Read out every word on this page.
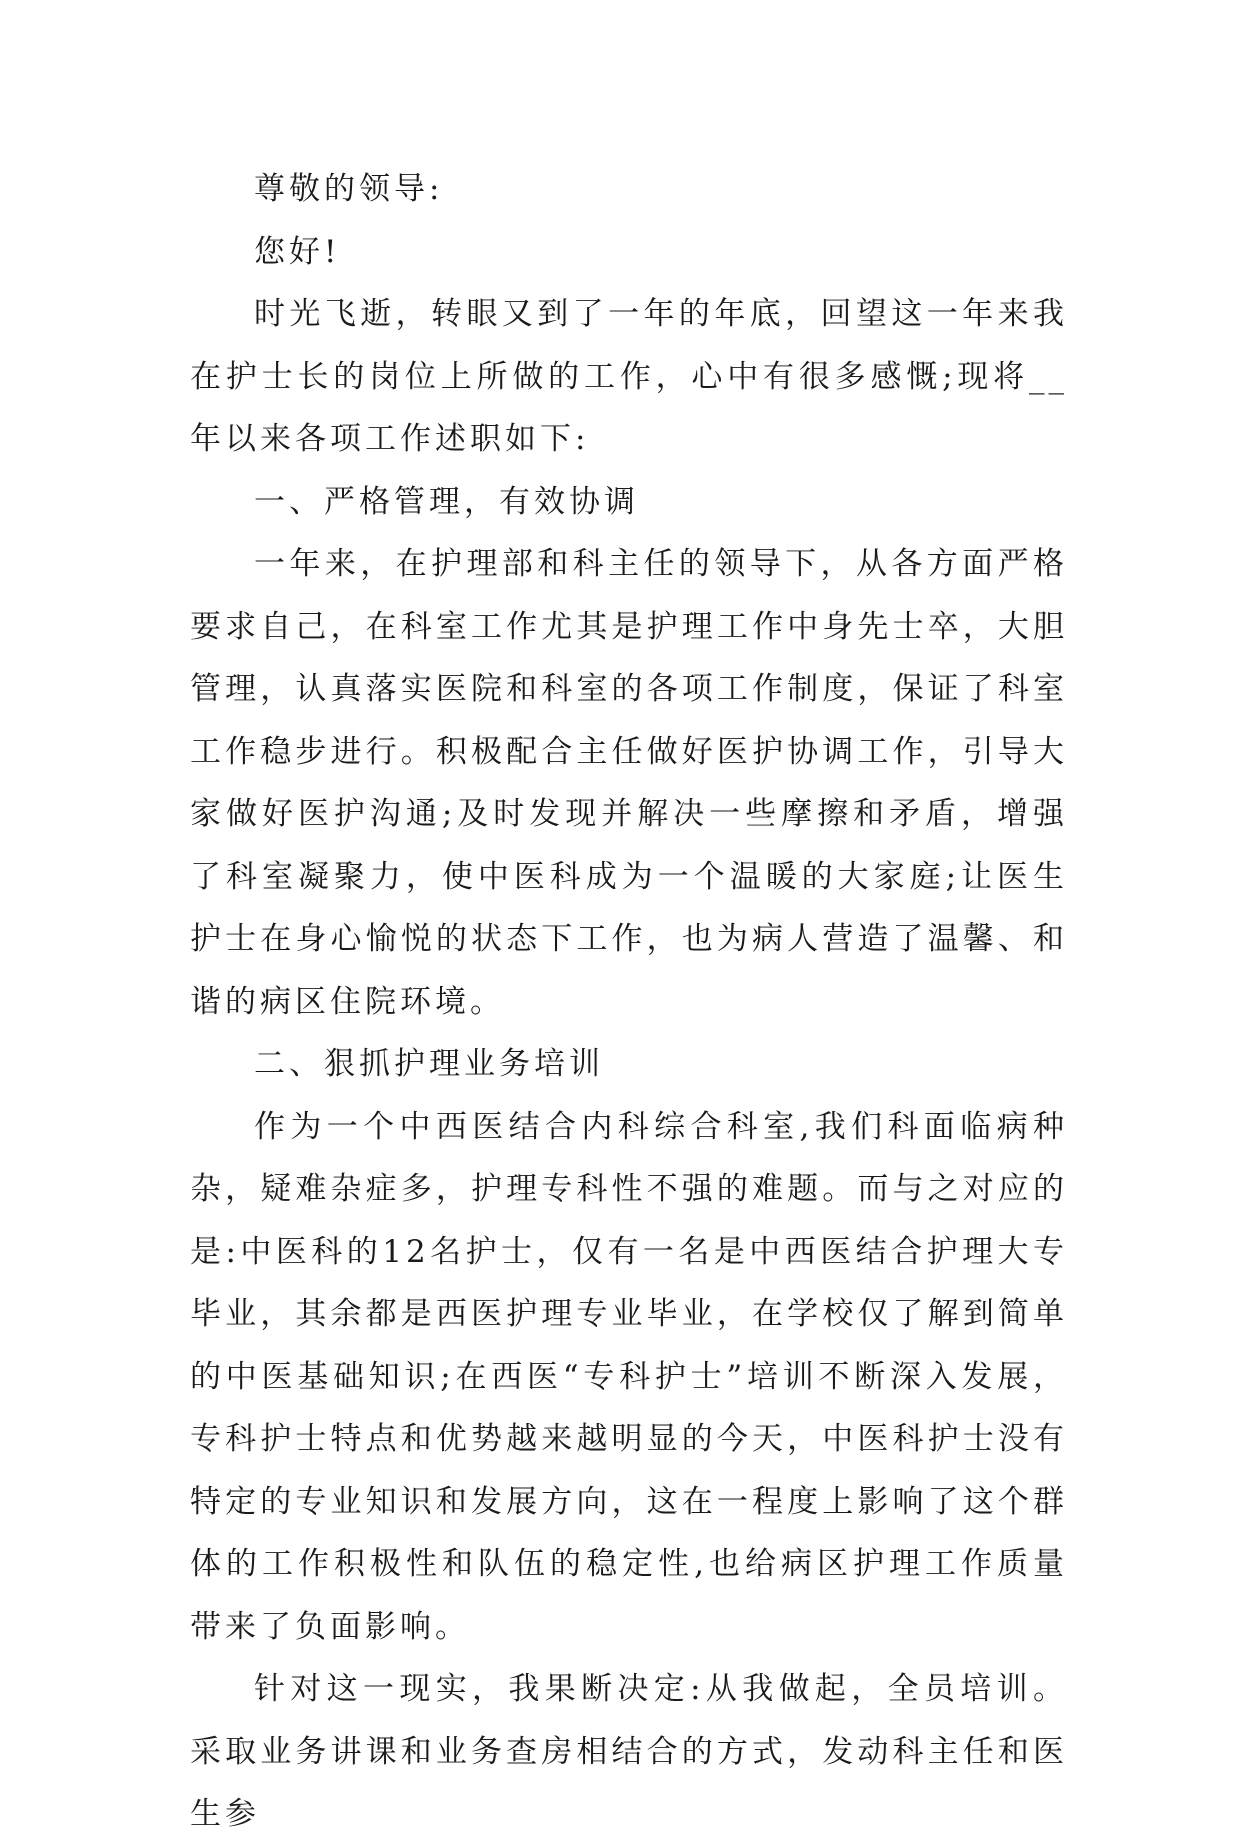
尊敬的领导:

您好!

时光飞逝，转眼又到了一年的年底，回望这一年来我在护士长的岗位上所做的工作，心中有很多感慨;现将__年以来各项工作述职如下:

一、严格管理，有效协调

一年来，在护理部和科主任的领导下，从各方面严格要求自己，在科室工作尤其是护理工作中身先士卒，大胆管理，认真落实医院和科室的各项工作制度，保证了科室工作稳步进行。积极配合主任做好医护协调工作，引导大家做好医护沟通;及时发现并解决一些摩擦和矛盾，增强了科室凝聚力，使中医科成为一个温暖的大家庭;让医生护士在身心愉悦的状态下工作，也为病人营造了温馨、和谐的病区住院环境。

二、狠抓护理业务培训

作为一个中西医结合内科综合科室,我们科面临病种杂，疑难杂症多，护理专科性不强的难题。而与之对应的是:中医科的12名护士，仅有一名是中西医结合护理大专毕业，其余都是西医护理专业毕业，在学校仅了解到简单的中医基础知识;在西医“专科护士”培训不断深入发展，专科护士特点和优势越来越明显的今天，中医科护士没有特定的专业知识和发展方向，这在一程度上影响了这个群体的工作积极性和队伍的稳定性,也给病区护理工作质量带来了负面影响。

针对这一现实，我果断决定:从我做起，全员培训。采取业务讲课和业务查房相结合的方式，发动科主任和医生参
